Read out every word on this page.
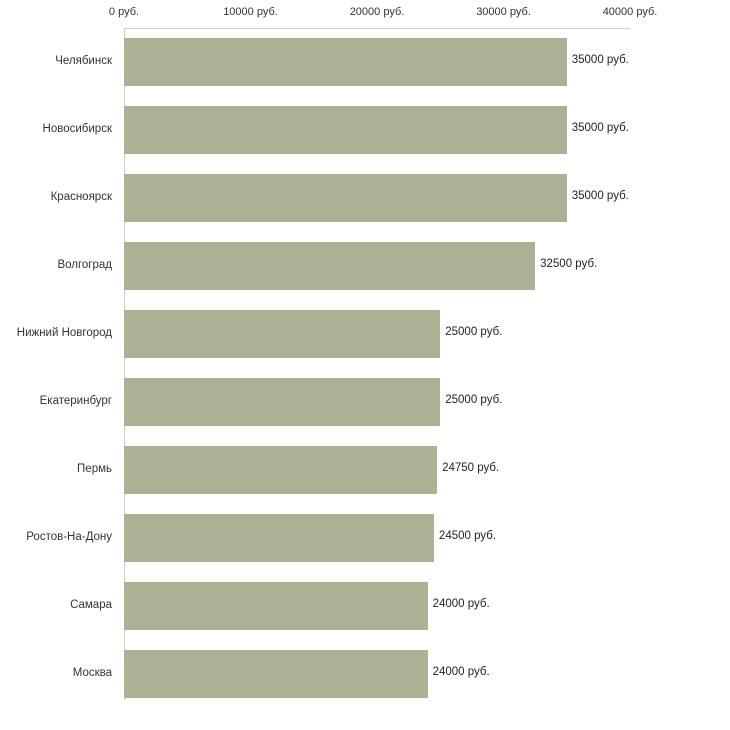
0 руб.	10000 руб.	20000 руб.	30000 руб.	40000 руб.
Челябинск
Новосибирск
Красноярск
Волгоград
Нижний Новгород
Екатеринбург
Пермь
Ростов-На-Дону
Самара
Москва
35000 руб.
35000 руб.
35000 руб.
32500 руб.
25000 руб.
25000 руб.
24750 руб.
24500 руб.
24000 руб.
24000 руб.
